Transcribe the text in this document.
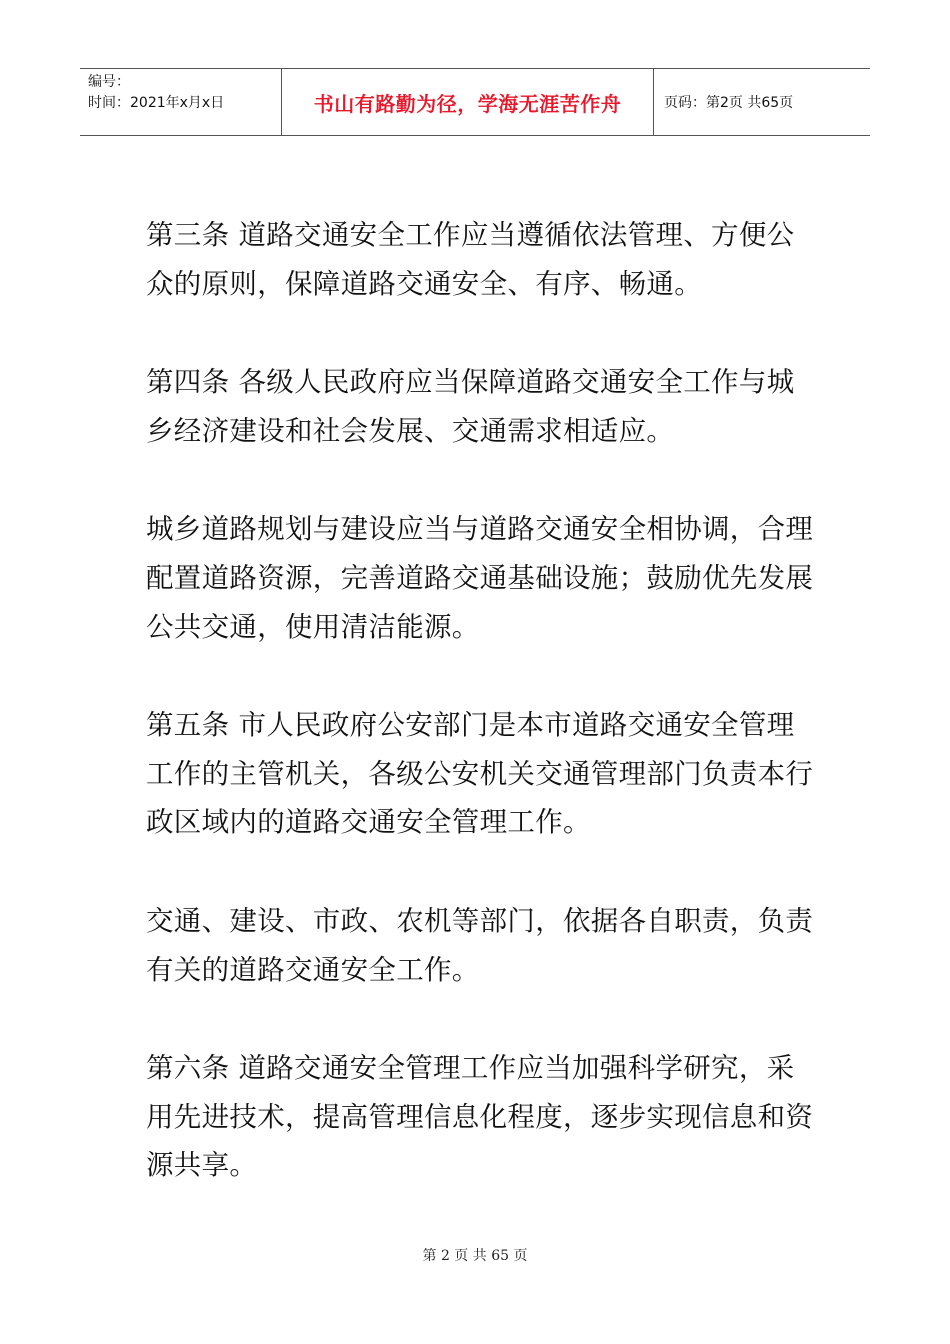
编号：
时间：2021年x月x日	书山有路勤为径，学海无涯苦作舟	页码：第2页 共65页

第三条 道路交通安全工作应当遵循依法管理、方便公众的原则，保障道路交通安全、有序、畅通。

第四条 各级人民政府应当保障道路交通安全工作与城乡经济建设和社会发展、交通需求相适应。

城乡道路规划与建设应当与道路交通安全相协调，合理配置道路资源，完善道路交通基础设施；鼓励优先发展公共交通，使用清洁能源。

第五条 市人民政府公安部门是本市道路交通安全管理工作的主管机关，各级公安机关交通管理部门负责本行政区域内的道路交通安全管理工作。

交通、建设、市政、农机等部门，依据各自职责，负责有关的道路交通安全工作。

第六条 道路交通安全管理工作应当加强科学研究，采用先进技术，提高管理信息化程度，逐步实现信息和资源共享。

第 2 页 共 65 页
